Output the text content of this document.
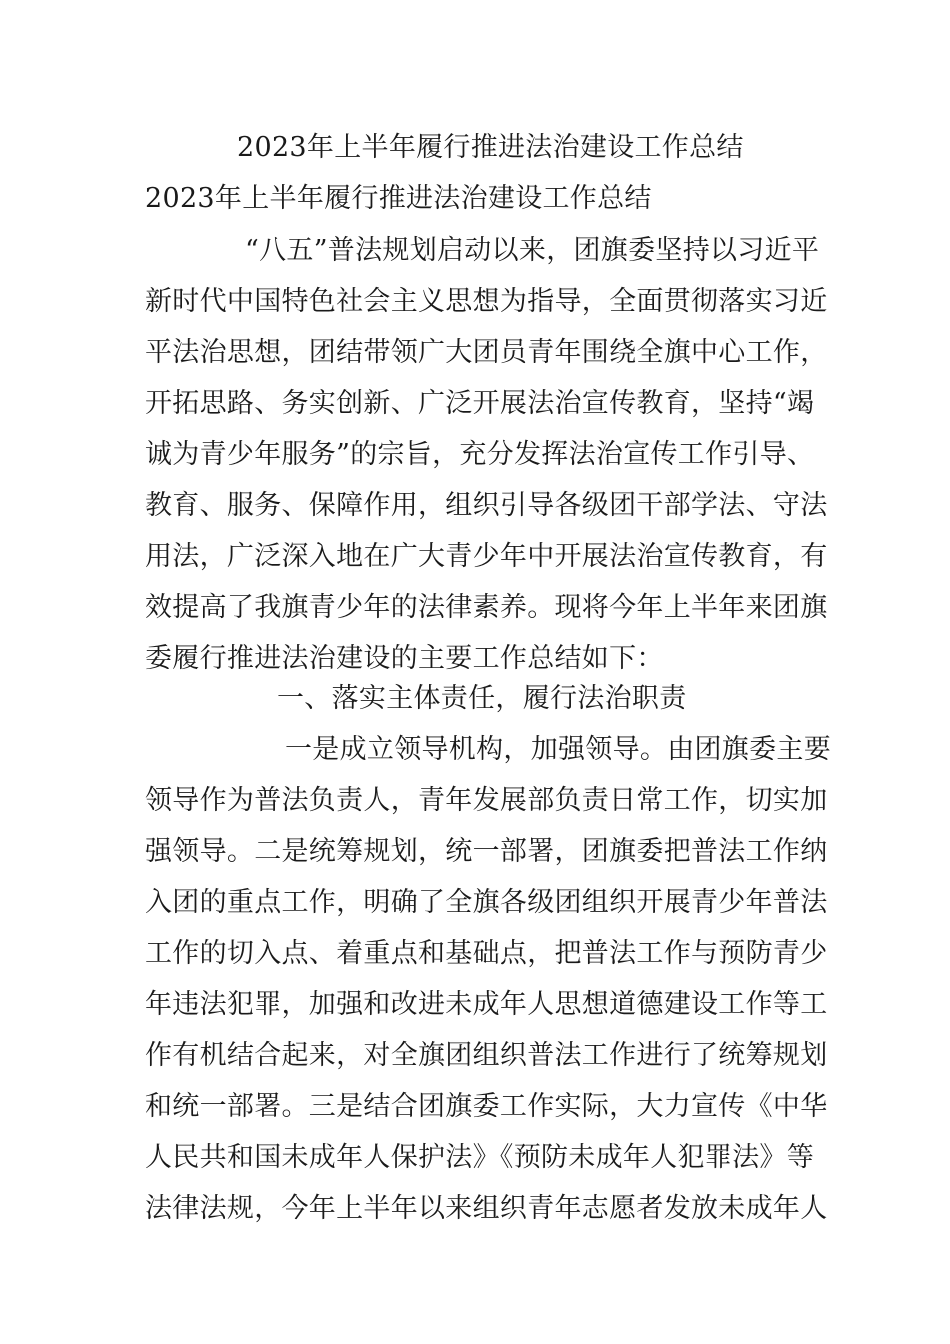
2023年上半年履行推进法治建设工作总结
2023年上半年履行推进法治建设工作总结
“八五”普法规划启动以来，团旗委坚持以习近平
新时代中国特色社会主义思想为指导，全面贯彻落实习近
平法治思想，团结带领广大团员青年围绕全旗中心工作，
开拓思路、务实创新、广泛开展法治宣传教育，坚持“竭
诚为青少年服务”的宗旨，充分发挥法治宣传工作引导、
教育、服务、保障作用，组织引导各级团干部学法、守法
用法，广泛深入地在广大青少年中开展法治宣传教育，有
效提高了我旗青少年的法律素养。现将今年上半年来团旗
委履行推进法治建设的主要工作总结如下：
一、落实主体责任，履行法治职责
一是成立领导机构，加强领导。由团旗委主要
领导作为普法负责人，青年发展部负责日常工作，切实加
强领导。二是统筹规划，统一部署，团旗委把普法工作纳
入团的重点工作，明确了全旗各级团组织开展青少年普法
工作的切入点、着重点和基础点，把普法工作与预防青少
年违法犯罪，加强和改进未成年人思想道德建设工作等工
作有机结合起来，对全旗团组织普法工作进行了统筹规划
和统一部署。三是结合团旗委工作实际，大力宣传《中华
人民共和国未成年人保护法》《预防未成年人犯罪法》等
法律法规，今年上半年以来组织青年志愿者发放未成年人
